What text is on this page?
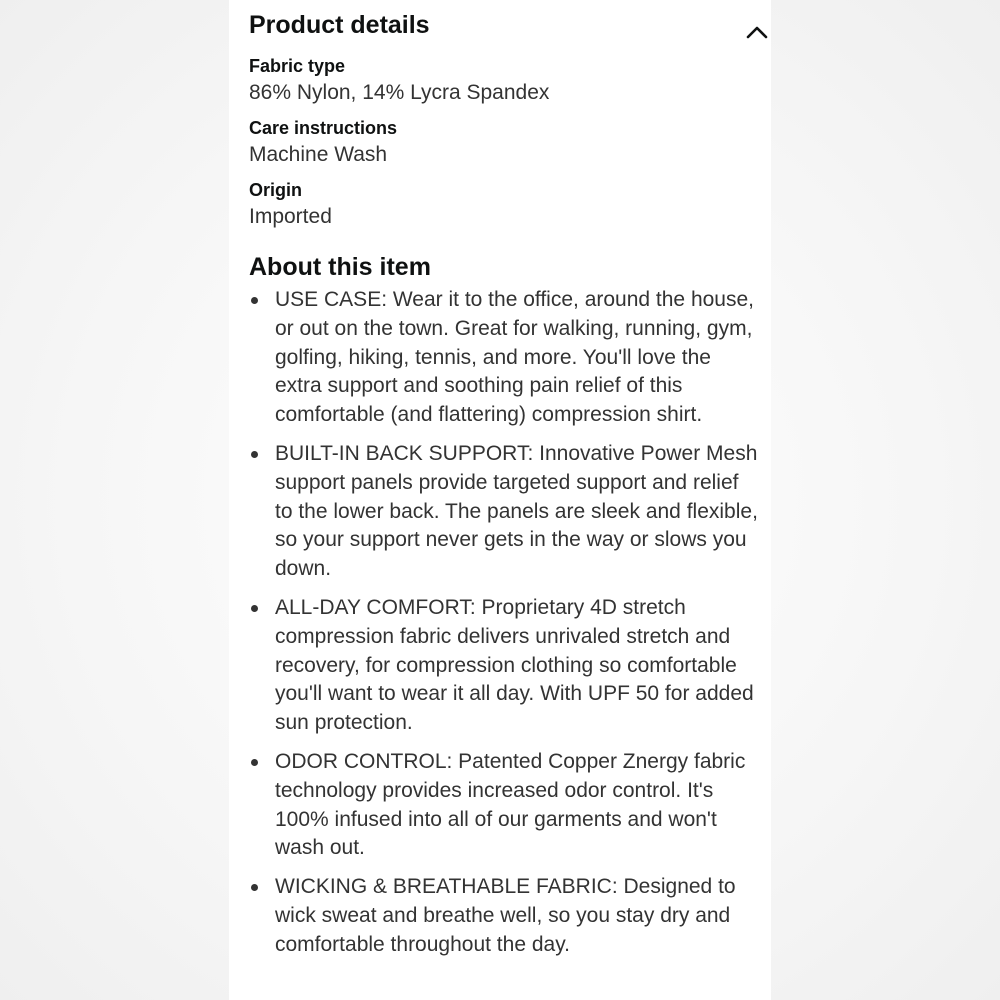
Product details
Fabric type
86% Nylon, 14% Lycra Spandex
Care instructions
Machine Wash
Origin
Imported
About this item
USE CASE: Wear it to the office, around the house, or out on the town. Great for walking, running, gym, golfing, hiking, tennis, and more. You'll love the extra support and soothing pain relief of this comfortable (and flattering) compression shirt.
BUILT-IN BACK SUPPORT: Innovative Power Mesh support panels provide targeted support and relief to the lower back. The panels are sleek and flexible, so your support never gets in the way or slows you down.
ALL-DAY COMFORT: Proprietary 4D stretch compression fabric delivers unrivaled stretch and recovery, for compression clothing so comfortable you'll want to wear it all day. With UPF 50 for added sun protection.
ODOR CONTROL: Patented Copper Znergy fabric technology provides increased odor control. It's 100% infused into all of our garments and won't wash out.
WICKING & BREATHABLE FABRIC: Designed to wick sweat and breathe well, so you stay dry and comfortable throughout the day.
